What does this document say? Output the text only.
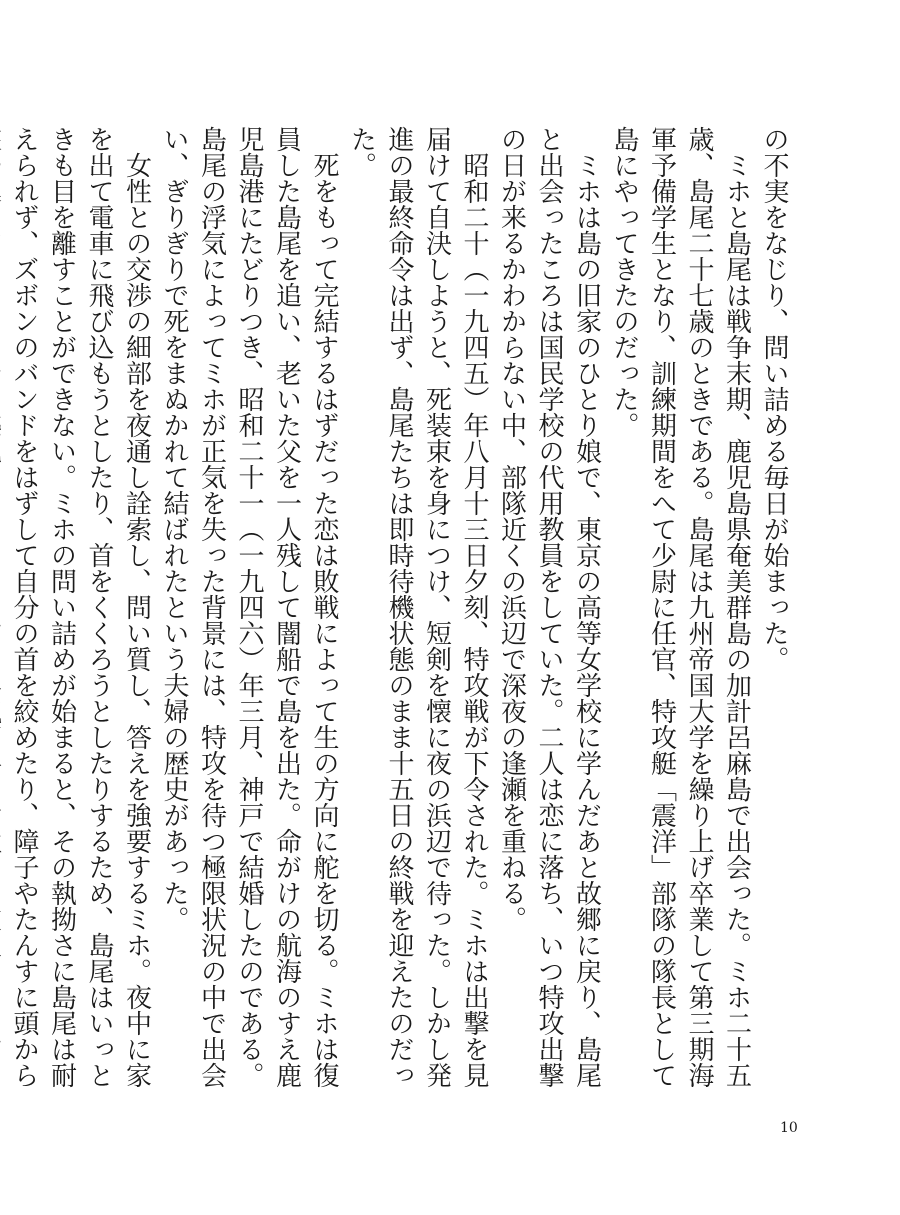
の不実をなじり、問い詰める毎日が始まった。

ミホと島尾は戦争末期、鹿児島県奄美群島の加計呂麻島で出会った。ミホ二十五歳、島尾二十七歳のときである。島尾は九州帝国大学を繰り上げ卒業して第三期海軍予備学生となり、訓練期間をへて少尉に任官、特攻艇「震洋」部隊の隊長として島にやってきたのだった。

ミホは島の旧家のひとり娘で、東京の高等女学校に学んだあと故郷に戻り、島尾と出会ったころは国民学校の代用教員をしていた。二人は恋に落ち、いつ特攻出撃の日が来るかわからない中、部隊近くの浜辺で深夜の逢瀬を重ねる。

昭和二十（一九四五）年八月十三日夕刻、特攻戦が下令された。ミホは出撃を見届けて自決しようと、死装束を身につけ、短剣を懐に夜の浜辺で待った。しかし発進の最終命令は出ず、島尾たちは即時待機状態のまま十五日の終戦を迎えたのだった。

死をもって完結するはずだった恋は敗戦によって生の方向に舵を切る。ミホは復員した島尾を追い、老いた父を一人残して闇船で島を出た。命がけの航海のすえ鹿児島港にたどりつき、昭和二十一（一九四六）年三月、神戸で結婚したのである。島尾の浮気によってミホが正気を失った背景には、特攻を待つ極限状況の中で出会い、ぎりぎりで死をまぬかれて結ばれたという夫婦の歴史があった。

女性との交渉の細部を夜通し詮索し、問い質し、答えを強要するミホ。夜中に家を出て電車に飛び込もうとしたり、首をくくろうとしたりするため、島尾はいっときも目を離すことができない。ミホの問い詰めが始まると、その執拗さに島尾は耐えられず、ズボンのバンドをはずして自分の首を絞めたり、障子やたんすに頭から

10
